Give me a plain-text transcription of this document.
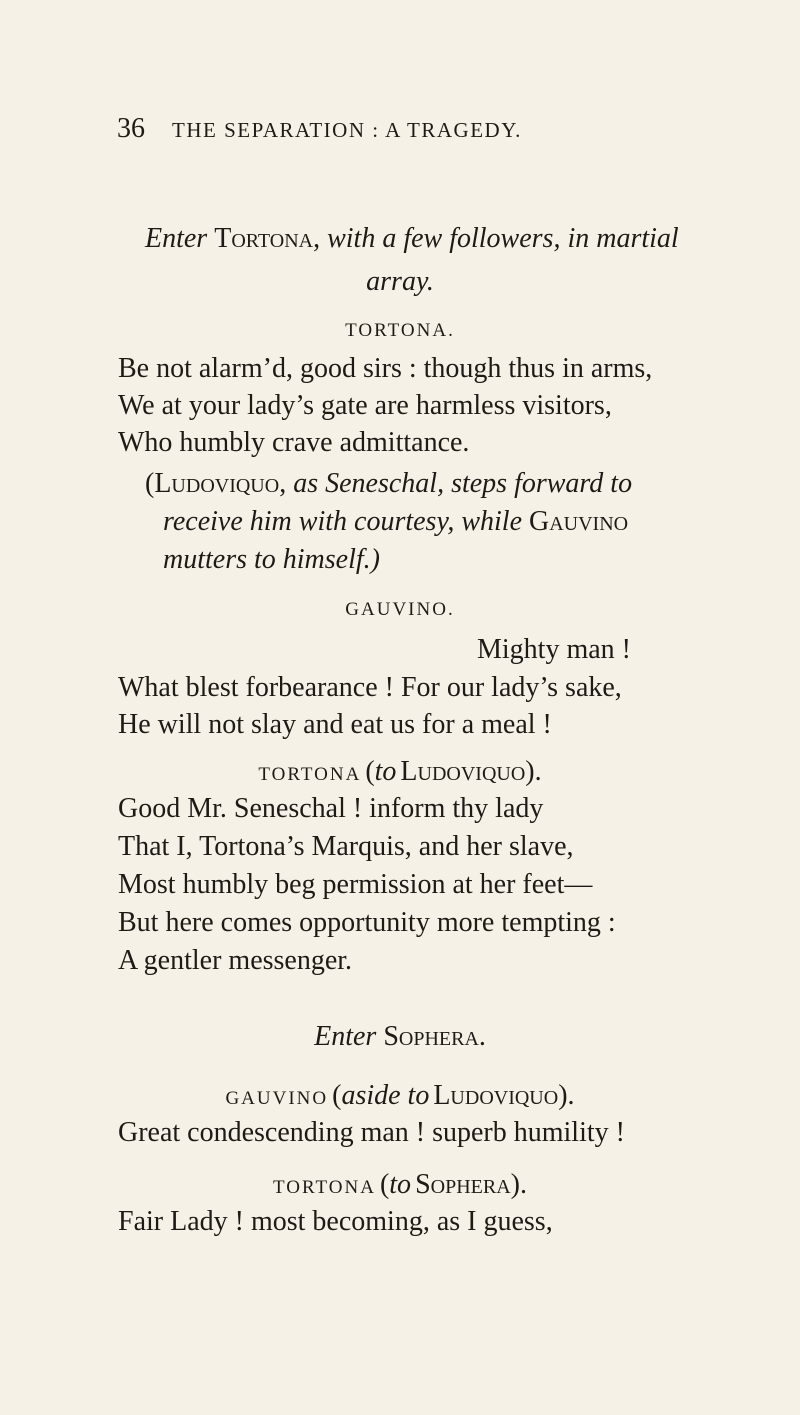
36 THE SEPARATION : A TRAGEDY.
Enter Tortona, with a few followers, in martial
array.
TORTONA.
Be not alarm’d, good sirs : though thus in arms,
We at your lady’s gate are harmless visitors,
Who humbly crave admittance.
(Ludoviquo, as Seneschal, steps forward to
receive him with courtesy, while Gauvino
mutters to himself.)
GAUVINO.
Mighty man !
What blest forbearance ! For our lady’s sake,
He will not slay and eat us for a meal !
TORTONA (to Ludoviquo).
Good Mr. Seneschal ! inform thy lady
That I, Tortona’s Marquis, and her slave,
Most humbly beg permission at her feet—
But here comes opportunity more tempting :
A gentler messenger.
Enter Sophera.
GAUVINO (aside to Ludoviquo).
Great condescending man ! superb humility !
TORTONA (to Sophera).
Fair Lady ! most becoming, as I guess,
